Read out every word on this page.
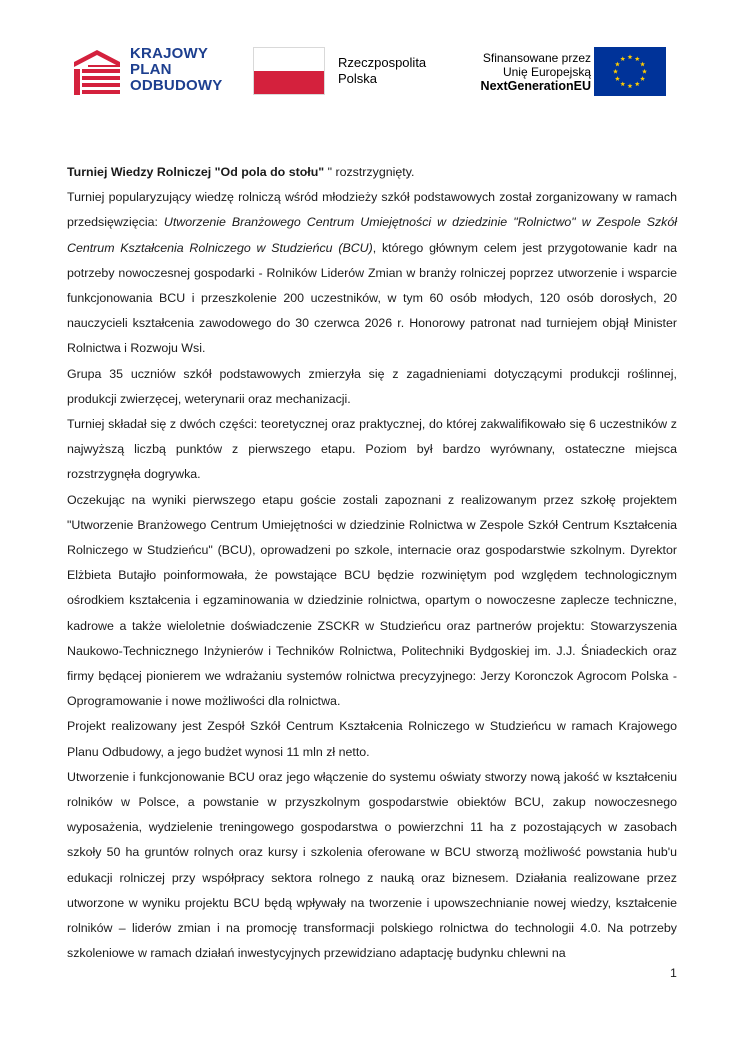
KRAJOWY
PLAN
ODBUDOWY
Rzeczpospolita
Polska
Sfinansowane przez
Unię Europejską
NextGenerationEU

Turniej Wiedzy Rolniczej "Od pola do stołu" " rozstrzygnięty.

Turniej popularyzujący wiedzę rolniczą wśród młodzieży szkół podstawowych został zorganizowany w ramach przedsięwzięcia: Utworzenie Branżowego Centrum Umiejętności w dziedzinie "Rolnictwo" w Zespole Szkół Centrum Kształcenia Rolniczego w Studzieńcu (BCU), którego głównym celem jest przygotowanie kadr na potrzeby nowoczesnej gospodarki - Rolników Liderów Zmian w branży rolniczej poprzez utworzenie i wsparcie funkcjonowania BCU i przeszkolenie 200 uczestników, w tym 60 osób młodych, 120 osób dorosłych, 20 nauczycieli kształcenia zawodowego do 30 czerwca 2026 r. Honorowy patronat nad turniejem objął Minister Rolnictwa i Rozwoju Wsi.

Grupa 35 uczniów szkół podstawowych zmierzyła się z zagadnieniami dotyczącymi produkcji roślinnej, produkcji zwierzęcej, weterynarii oraz mechanizacji.

Turniej składał się z dwóch części: teoretycznej oraz praktycznej, do której zakwalifikowało się 6 uczestników z najwyższą liczbą punktów z pierwszego etapu. Poziom był bardzo wyrównany, ostateczne miejsca rozstrzygnęła dogrywka.

Oczekując na wyniki pierwszego etapu goście zostali zapoznani z realizowanym przez szkołę projektem "Utworzenie Branżowego Centrum Umiejętności w dziedzinie Rolnictwa w Zespole Szkół Centrum Kształcenia Rolniczego w Studzieńcu" (BCU), oprowadzeni po szkole, internacie oraz gospodarstwie szkolnym. Dyrektor Elżbieta Butajło poinformowała, że powstające BCU będzie rozwiniętym pod względem technologicznym ośrodkiem kształcenia i egzaminowania w dziedzinie rolnictwa, opartym o nowoczesne zaplecze techniczne, kadrowe a także wieloletnie doświadczenie ZSCKR w Studzieńcu oraz partnerów projektu: Stowarzyszenia Naukowo-Technicznego Inżynierów i Techników Rolnictwa, Politechniki Bydgoskiej im. J.J. Śniadeckich oraz firmy będącej pionierem we wdrażaniu systemów rolnictwa precyzyjnego: Jerzy Koronczok Agrocom Polska - Oprogramowanie i nowe możliwości dla rolnictwa.

Projekt realizowany jest Zespół Szkół Centrum Kształcenia Rolniczego w Studzieńcu w ramach Krajowego Planu Odbudowy, a jego budżet wynosi 11 mln zł netto.

Utworzenie i funkcjonowanie BCU oraz jego włączenie do systemu oświaty stworzy nową jakość w kształceniu rolników w Polsce, a powstanie w przyszkolnym gospodarstwie obiektów BCU, zakup nowoczesnego wyposażenia, wydzielenie treningowego gospodarstwa o powierzchni 11 ha z pozostających w zasobach szkoły 50 ha gruntów rolnych oraz kursy i szkolenia oferowane w BCU stworzą możliwość powstania hub'u edukacji rolniczej przy współpracy sektora rolnego z nauką oraz biznesem. Działania realizowane przez utworzone w wyniku projektu BCU będą wpływały na tworzenie i upowszechnianie nowej wiedzy, kształcenie rolników – liderów zmian i na promocję transformacji polskiego rolnictwa do technologii 4.0. Na potrzeby szkoleniowe w ramach działań inwestycyjnych przewidziano adaptację budynku chlewni na

1
